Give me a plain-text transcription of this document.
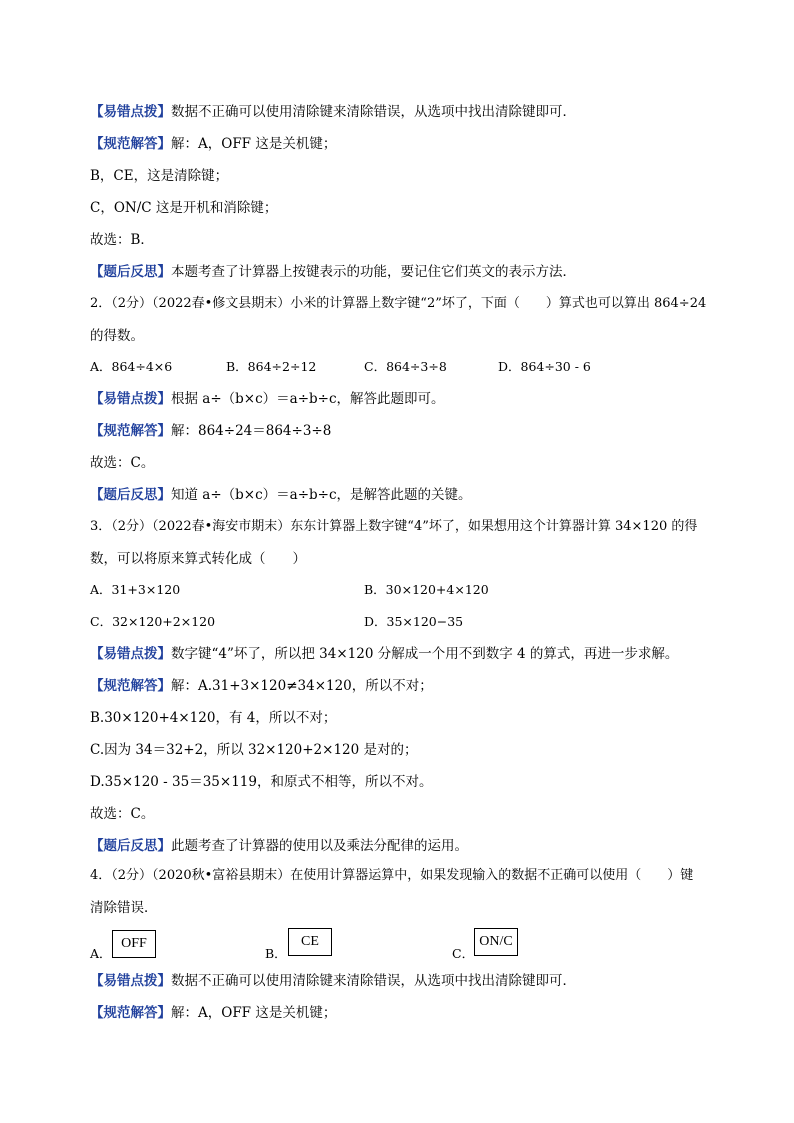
【易错点拨】数据不正确可以使用清除键来清除错误，从选项中找出清除键即可．
【规范解答】解：A，OFF 这是关机键；
B，CE，这是清除键；
C，ON/C 这是开机和消除键；
故选：B．
【题后反思】本题考查了计算器上按键表示的功能，要记住它们英文的表示方法．
2．（2分）（2022春•修文县期末）小米的计算器上数字键“2”坏了，下面（　　）算式也可以算出 864÷24
的得数。
A．864÷4×6	B．864÷2÷12	C．864÷3÷8	D．864÷30 - 6
【易错点拨】根据 a÷（b×c）＝a÷b÷c，解答此题即可。
【规范解答】解：864÷24＝864÷3÷8
故选：C。
【题后反思】知道 a÷（b×c）＝a÷b÷c，是解答此题的关键。
3．（2分）（2022春•海安市期末）东东计算器上数字键“4”坏了，如果想用这个计算器计算 34×120 的得
数，可以将原来算式转化成（　　）
A．31+3×120	B．30×120+4×120
C．32×120+2×120	D．35×120−35
【易错点拨】数字键“4”坏了，所以把 34×120 分解成一个用不到数字 4 的算式，再进一步求解。
【规范解答】解：A.31+3×120≠34×120，所以不对；
B.30×120+4×120，有 4，所以不对；
C.因为 34＝32+2，所以 32×120+2×120 是对的；
D.35×120 - 35＝35×119，和原式不相等，所以不对。
故选：C。
【题后反思】此题考查了计算器的使用以及乘法分配律的运用。
4．（2分）（2020秋•富裕县期末）在使用计算器运算中，如果发现输入的数据不正确可以使用（　　）键
清除错误．
A．
OFF
B．
CE
C．
ON/C
【易错点拨】数据不正确可以使用清除键来清除错误，从选项中找出清除键即可．
【规范解答】解：A，OFF 这是关机键；
